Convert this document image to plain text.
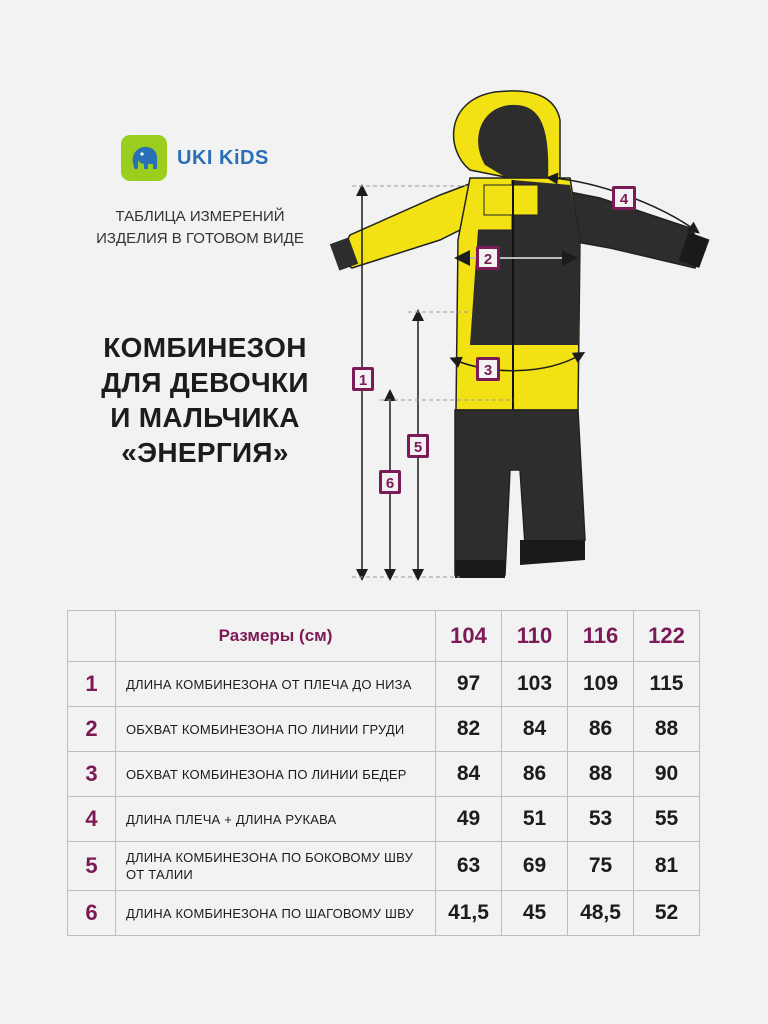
UKI KiDS
ТАБЛИЦА ИЗМЕРЕНИЙ
ИЗДЕЛИЯ В ГОТОВОМ ВИДЕ
КОМБИНЕЗОН
ДЛЯ ДЕВОЧКИ
И МАЛЬЧИКА
«ЭНЕРГИЯ»
1
5
6
2
3
4
	Размеры (см)	104	110	116	122
1	ДЛИНА КОМБИНЕЗОНА ОТ ПЛЕЧА ДО НИЗА	97	103	109	115
2	ОБХВАТ КОМБИНЕЗОНА ПО ЛИНИИ ГРУДИ	82	84	86	88
3	ОБХВАТ КОМБИНЕЗОНА ПО ЛИНИИ БЕДЕР	84	86	88	90
4	ДЛИНА ПЛЕЧА + ДЛИНА РУКАВА	49	51	53	55
5	ДЛИНА КОМБИНЕЗОНА ПО БОКОВОМУ ШВУ ОТ ТАЛИИ	63	69	75	81
6	ДЛИНА КОМБИНЕЗОНА ПО ШАГОВОМУ ШВУ	41,5	45	48,5	52
